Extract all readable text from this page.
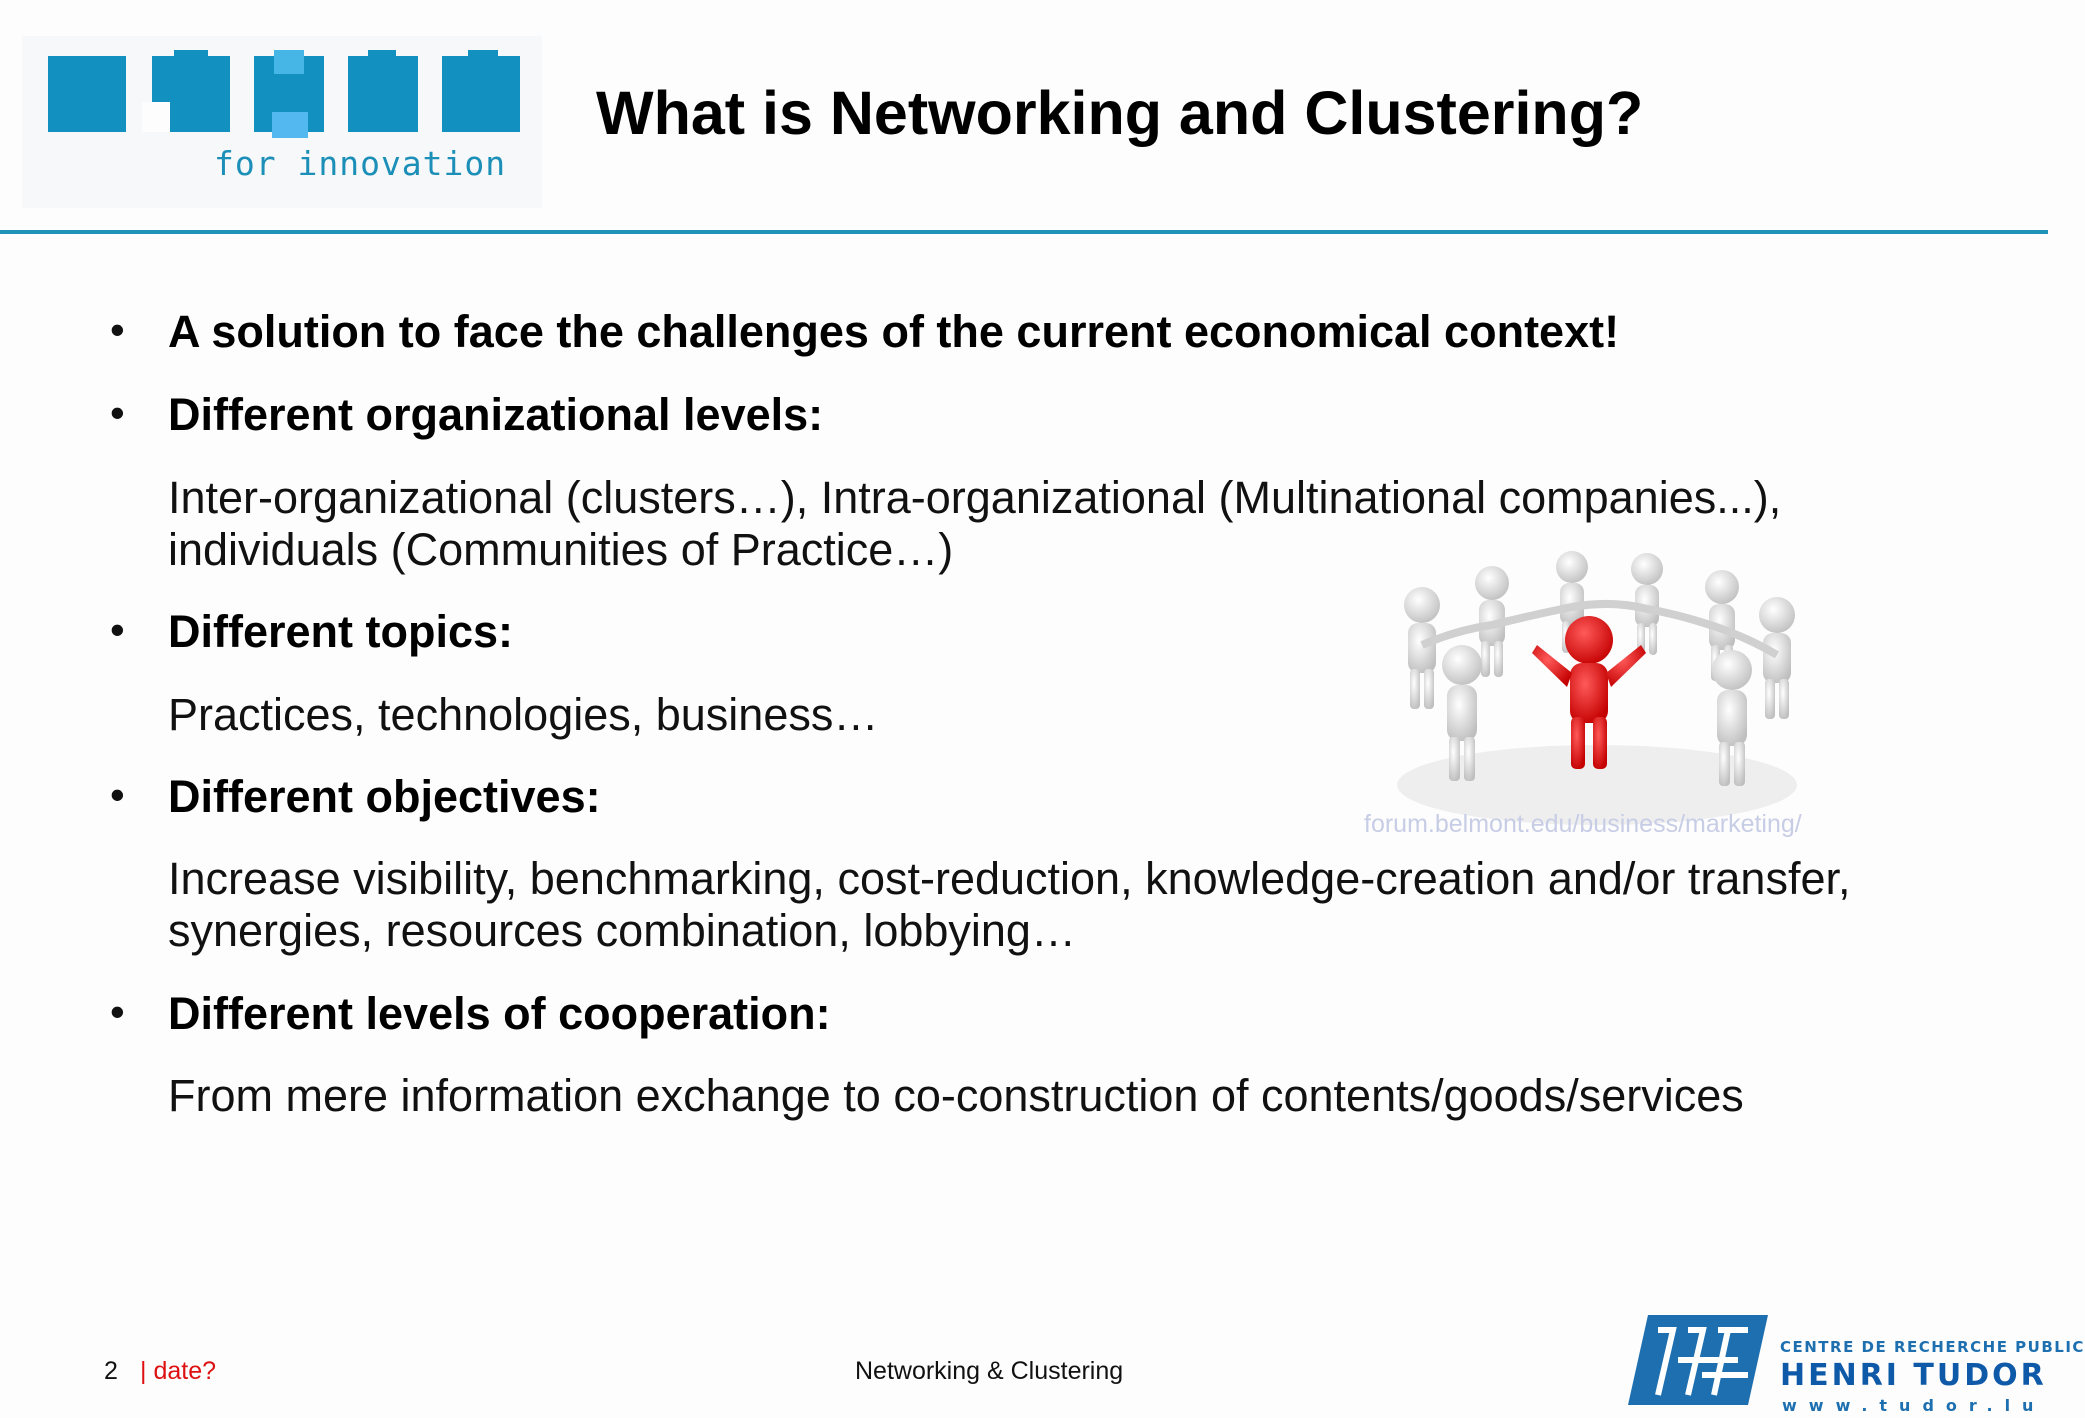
for innovation
What is Networking and Clustering?
• A solution to face the challenges of the current economical context!
• Different organizational levels:
Inter-organizational (clusters…), Intra-organizational (Multinational companies...),
individuals (Communities of Practice…)
• Different topics:
Practices, technologies, business…
• Different objectives:
Increase visibility, benchmarking, cost-reduction, knowledge-creation and/or transfer,
synergies, resources combination, lobbying…
• Different levels of cooperation:
From mere information exchange to co-construction of contents/goods/services
forum.belmont.edu/business/marketing/
2 | date?	Networking & Clustering
CENTRE DE RECHERCHE PUBLIC
HENRI TUDOR
www.tudor.lu
